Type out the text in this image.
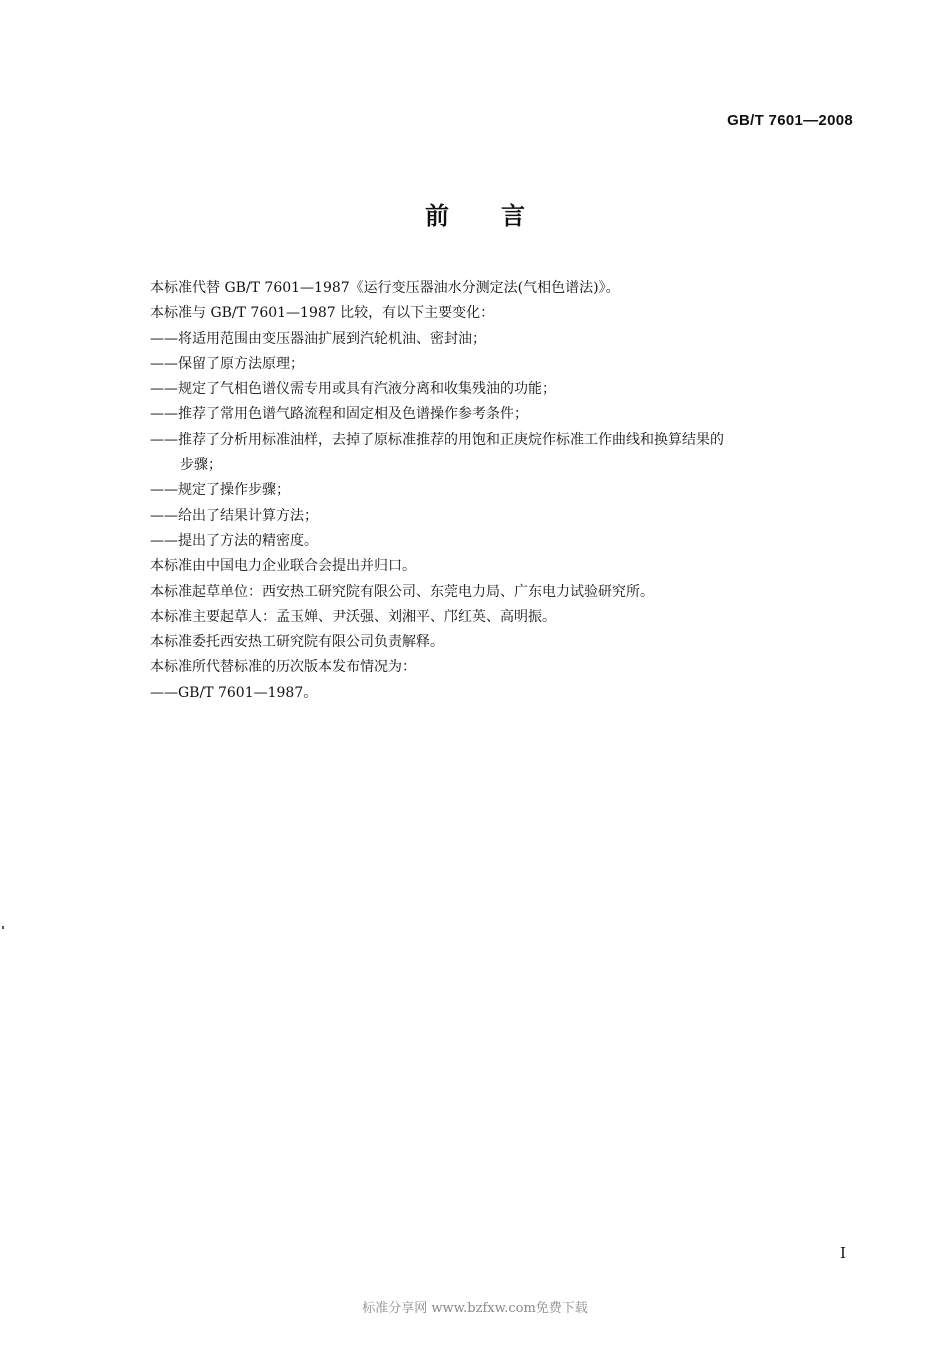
GB/T 7601—2008
前言

本标准代替 GB/T 7601—1987《运行变压器油水分测定法(气相色谱法)》。

本标准与 GB/T 7601—1987 比较，有以下主要变化：

——将适用范围由变压器油扩展到汽轮机油、密封油；

——保留了原方法原理；

——规定了气相色谱仪需专用或具有汽液分离和收集残油的功能；

——推荐了常用色谱气路流程和固定相及色谱操作参考条件；

——推荐了分析用标准油样，去掉了原标准推荐的用饱和正庚烷作标准工作曲线和换算结果的

步骤；

——规定了操作步骤；

——给出了结果计算方法；

——提出了方法的精密度。

本标准由中国电力企业联合会提出并归口。

本标准起草单位：西安热工研究院有限公司、东莞电力局、广东电力试验研究所。

本标准主要起草人：孟玉婵、尹沃强、刘湘平、邝红英、高明振。

本标准委托西安热工研究院有限公司负责解释。

本标准所代替标准的历次版本发布情况为：

——GB/T 7601—1987。

I
标准分享网 www.bzfxw.com免费下载
